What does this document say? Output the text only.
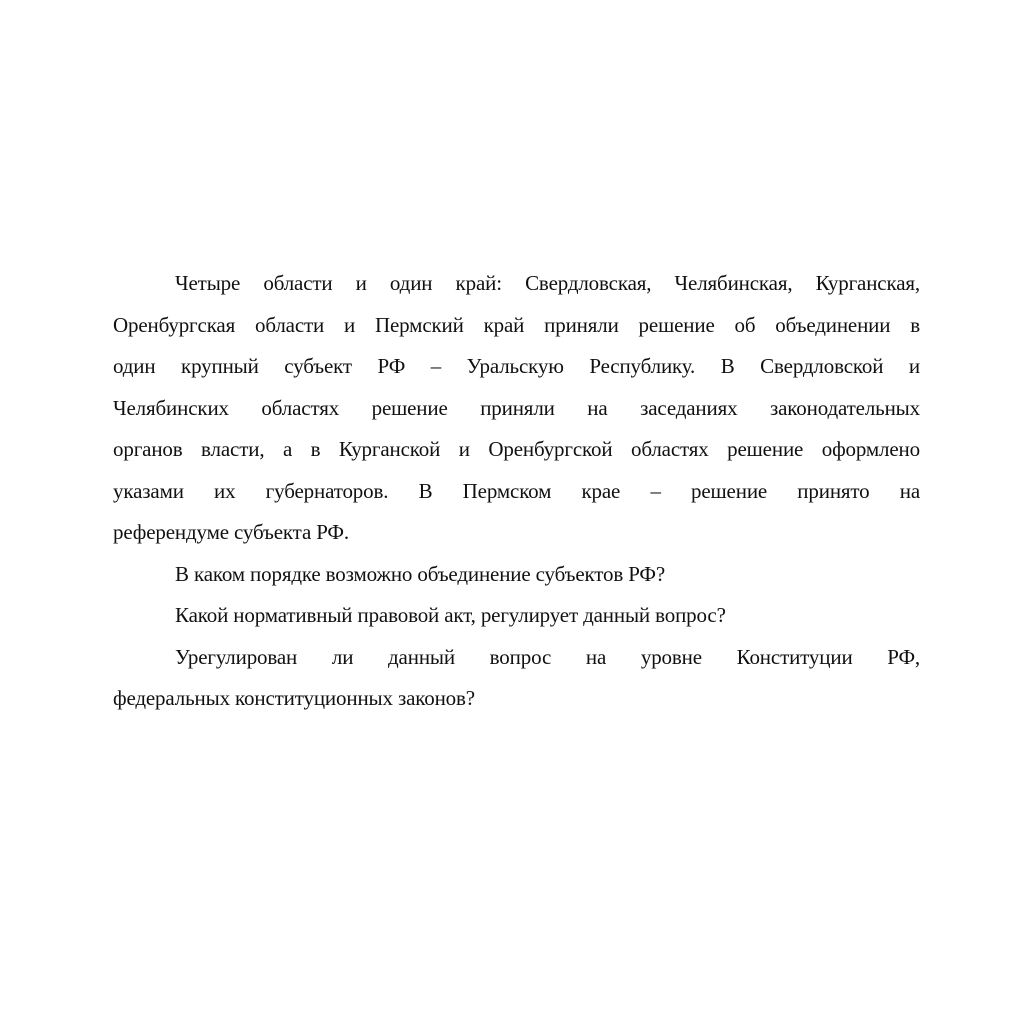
Четыре области и один край: Свердловская, Челябинская, Курганская,
Оренбургская области и Пермский край приняли решение об объединении в
один крупный субъект РФ – Уральскую Республику. В Свердловской и
Челябинских областях решение приняли на заседаниях законодательных
органов власти, а в Курганской и Оренбургской областях решение оформлено
указами их губернаторов. В Пермском крае – решение принято на
референдуме субъекта РФ.
В каком порядке возможно объединение субъектов РФ?
Какой нормативный правовой акт, регулирует данный вопрос?
Урегулирован ли данный вопрос на уровне Конституции РФ,
федеральных конституционных законов?
